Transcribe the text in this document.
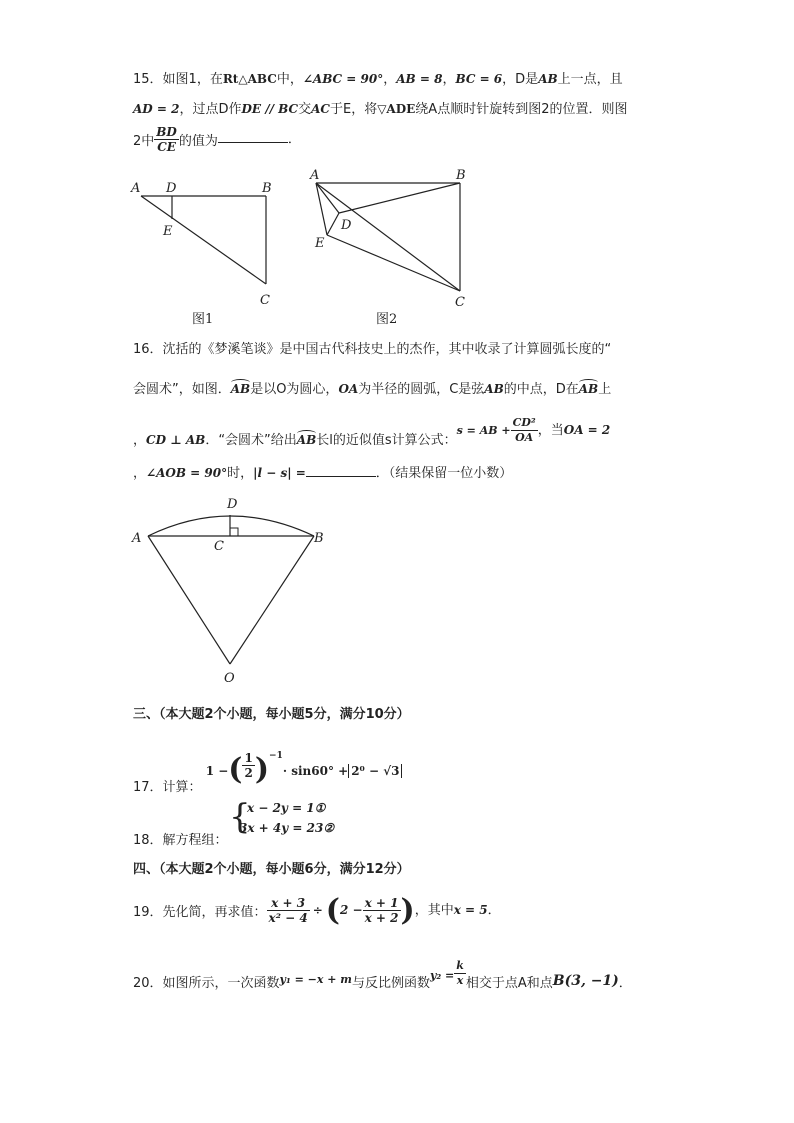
15．如图1，在Rt△ABC中，∠ABC = 90°，AB = 8，BC = 6，D是AB上一点，且
AD = 2，过点D作DE // BC交AC于E，将▽ADE绕A点顺时针旋转到图2的位置．则图
2中 $\frac{BD}{CE}$ 的值为	．
A D	B
E
C
图1
A	B
D
E
C
图2
16．沈括的《梦溪笔谈》是中国古代科技史上的杰作，其中收录了计算圆弧长度的“
会圆术”，如图．AB是以O为圆心，OA为半径的圆弧，C是弦AB的中点，D在AB上
，CD ⊥ AB．“会圆术”给出AB长l的近似值s计算公式：s = AB + $\frac{\text{CD²}}{OA}$ ，当OA = 2
，∠AOB = 90°时，|l − s| =	．（结果保留一位小数）
D
A
C
B
O
三、（本大题2个小题，每小题5分，满分10分）
17．计算： 1 −( $\frac{1}{2} )^{-1}\cdot \sin 60^\circ + 2^0 - √3$
18．解方程组：
{
x − 2y = 1①
3x + 4y = 23②
四、（本大题2个小题，每小题6分，满分12分）
19．先化简，再求值： $\frac{x + 3}{\text{x² − 4}} \div (2 - \frac{x + 1}{x + 2}$ )，其中x = 5．
20．如图所示，一次函数$_{y_1 = -x + m}$与反比例函数$_{y_2 =} \frac{k}{x}$ 相交于点A和点B(3, −1)．
